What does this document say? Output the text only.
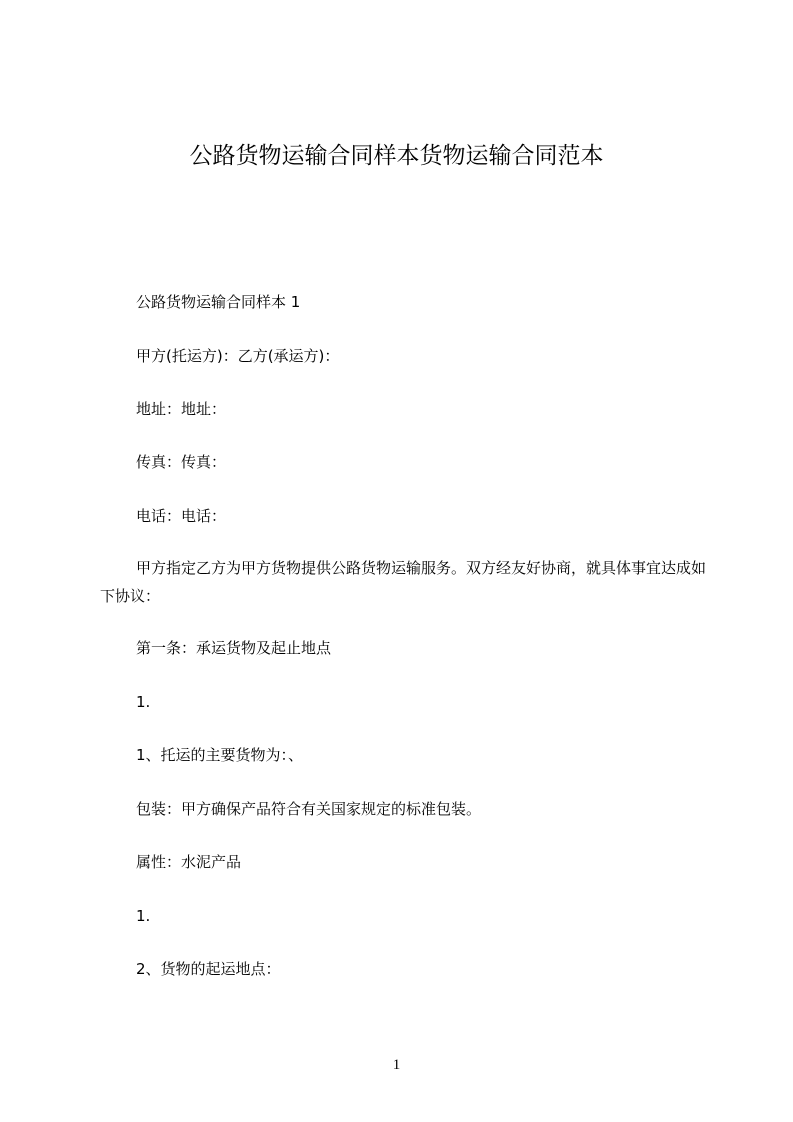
公路货物运输合同样本货物运输合同范本
公路货物运输合同样本 1
甲方(托运方)：乙方(承运方)：
地址：地址：
传真：传真：
电话：电话：
甲方指定乙方为甲方货物提供公路货物运输服务。双方经友好协商，就具体事宜达成如下协议：
第一条：承运货物及起止地点
1.
1、托运的主要货物为：、
包装：甲方确保产品符合有关国家规定的标准包装。
属性：水泥产品
1.
2、货物的起运地点：
1
